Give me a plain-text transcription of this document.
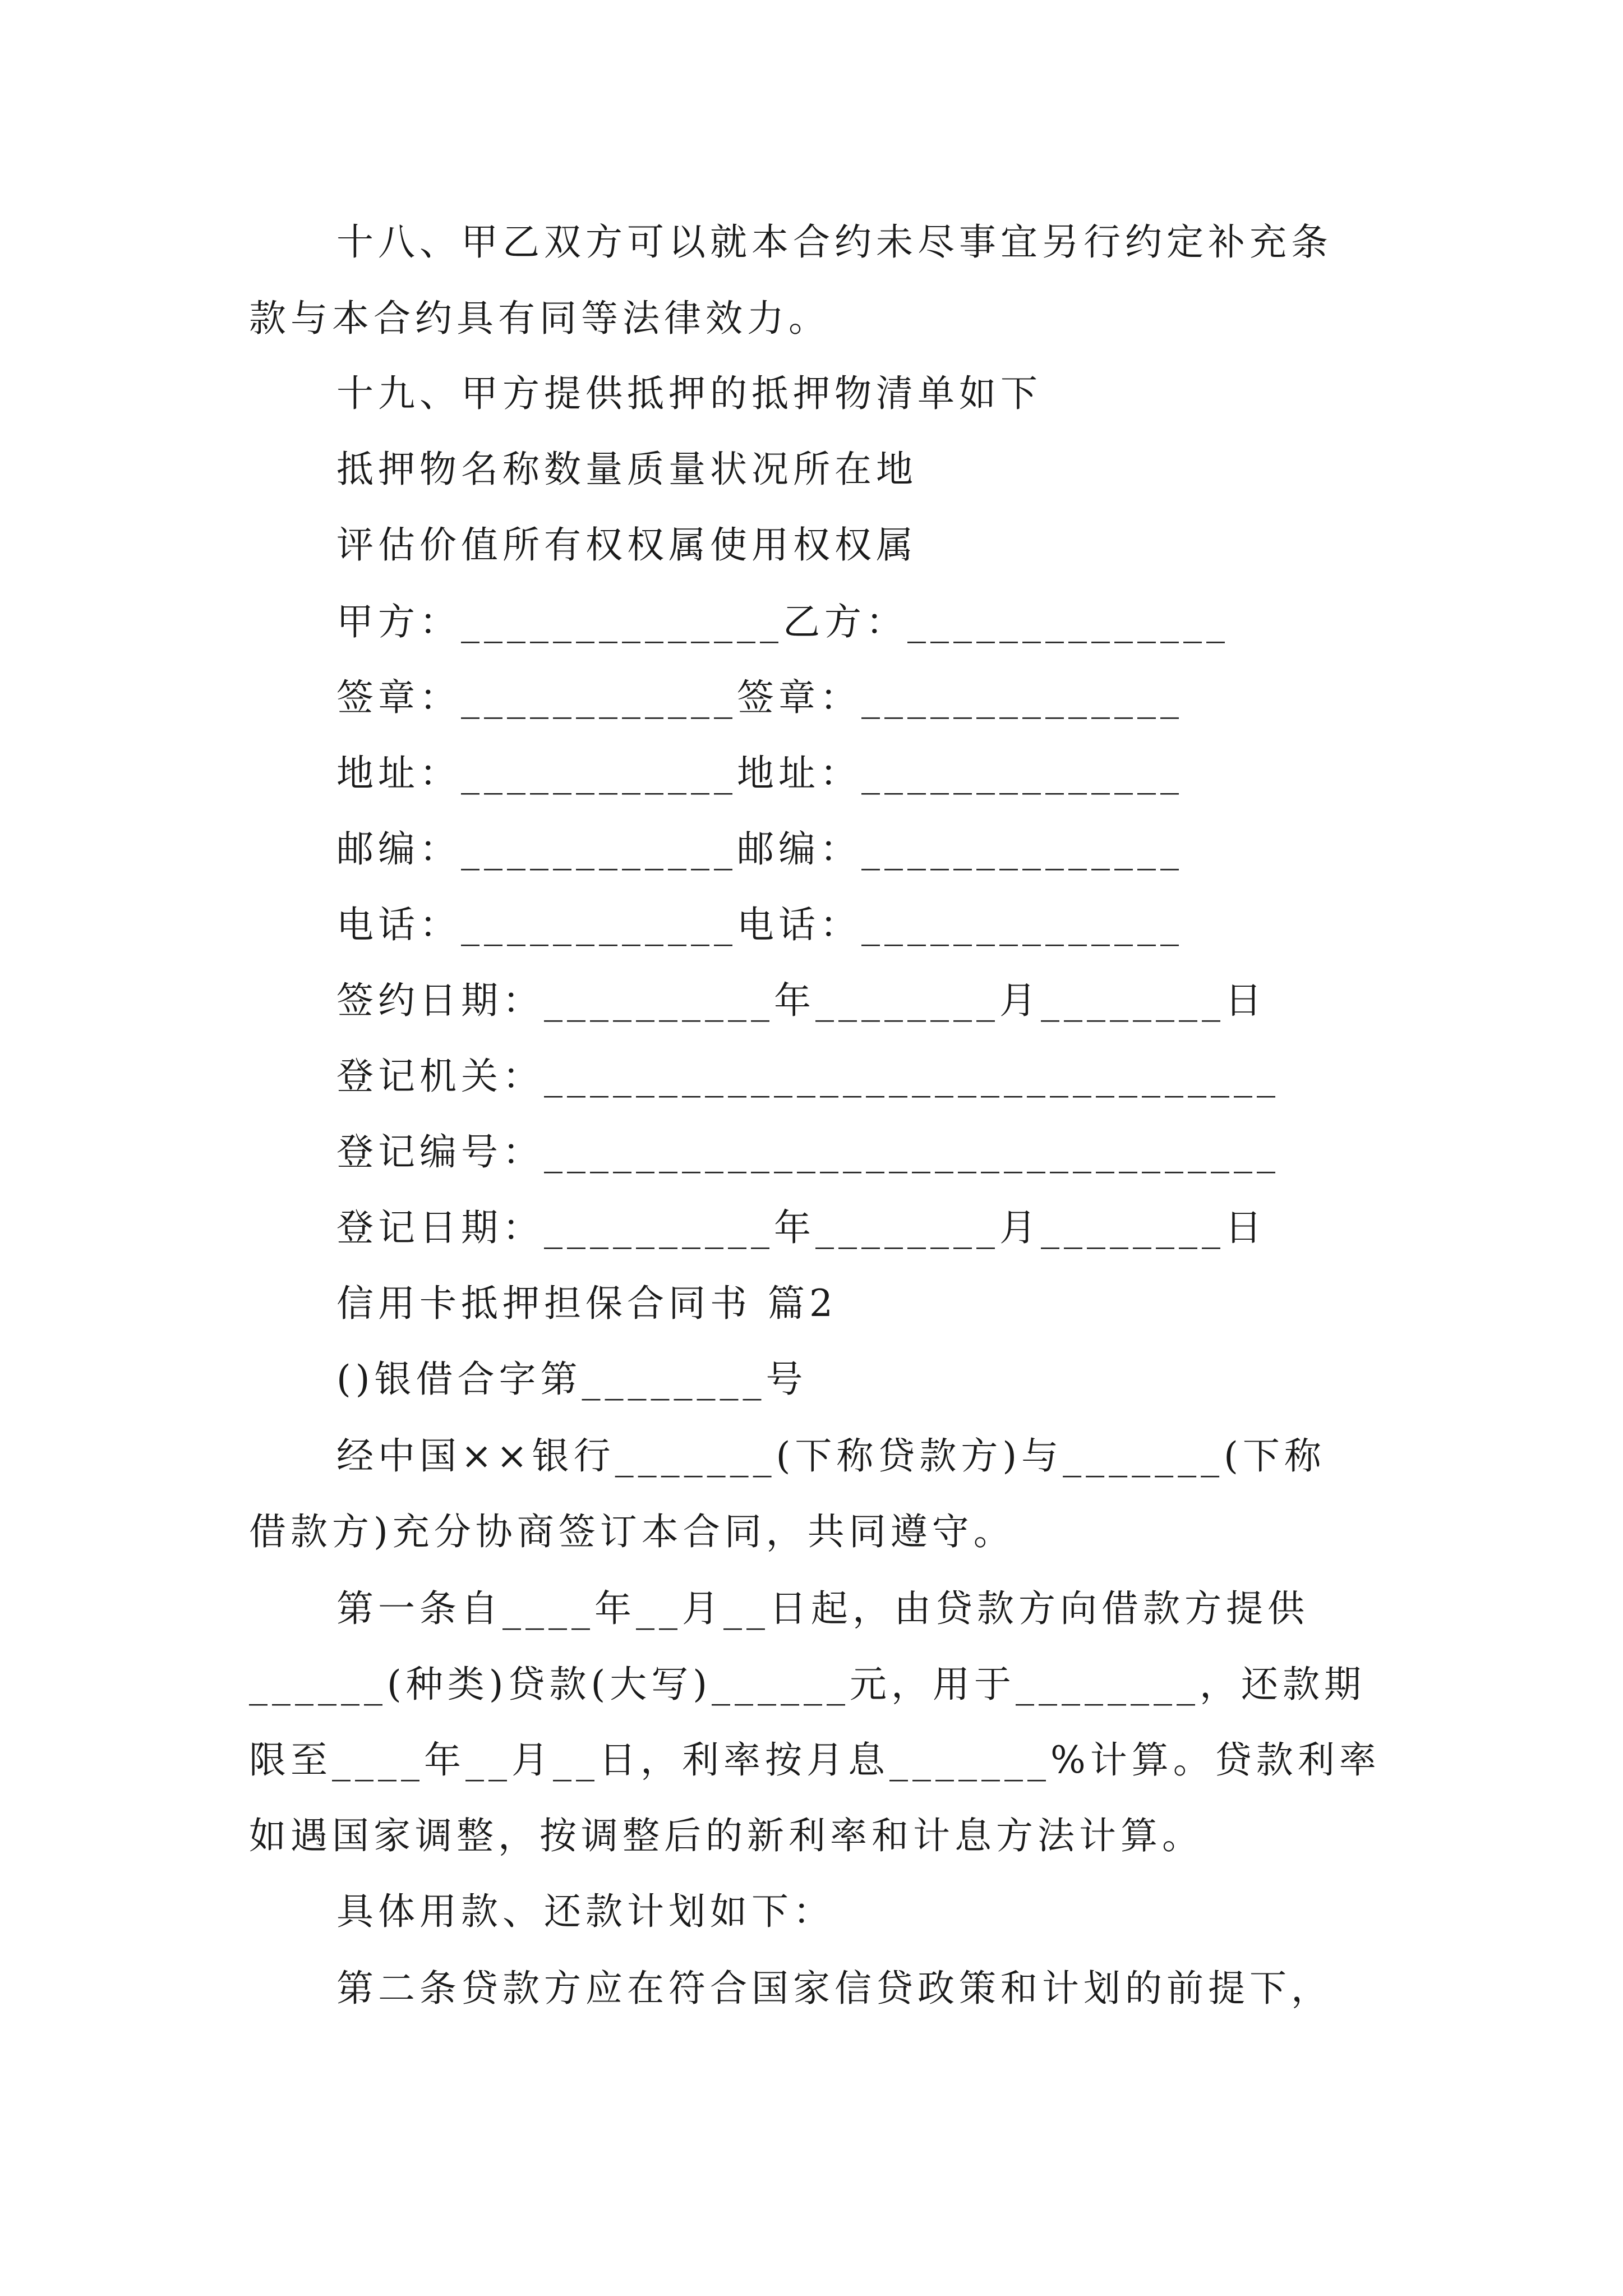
十八、甲乙双方可以就本合约未尽事宜另行约定补充条
款与本合约具有同等法律效力。
十九、甲方提供抵押的抵押物清单如下
抵押物名称数量质量状况所在地
评估价值所有权权属使用权权属
甲方：______________乙方：______________
签章：____________签章：______________
地址：____________地址：______________
邮编：____________邮编：______________
电话：____________电话：______________
签约日期：__________年________月________日
登记机关：________________________________
登记编号：________________________________
登记日期：__________年________月________日
信用卡抵押担保合同书 篇2
()银借合字第________号
经中国××银行_______(下称贷款方)与_______(下称
借款方)充分协商签订本合同，共同遵守。
第一条自____年__月__日起，由贷款方向借款方提供
______(种类)贷款(大写)______元，用于________，还款期
限至____年__月__日，利率按月息_______%计算。贷款利率
如遇国家调整，按调整后的新利率和计息方法计算。
具体用款、还款计划如下：
第二条贷款方应在符合国家信贷政策和计划的前提下，
